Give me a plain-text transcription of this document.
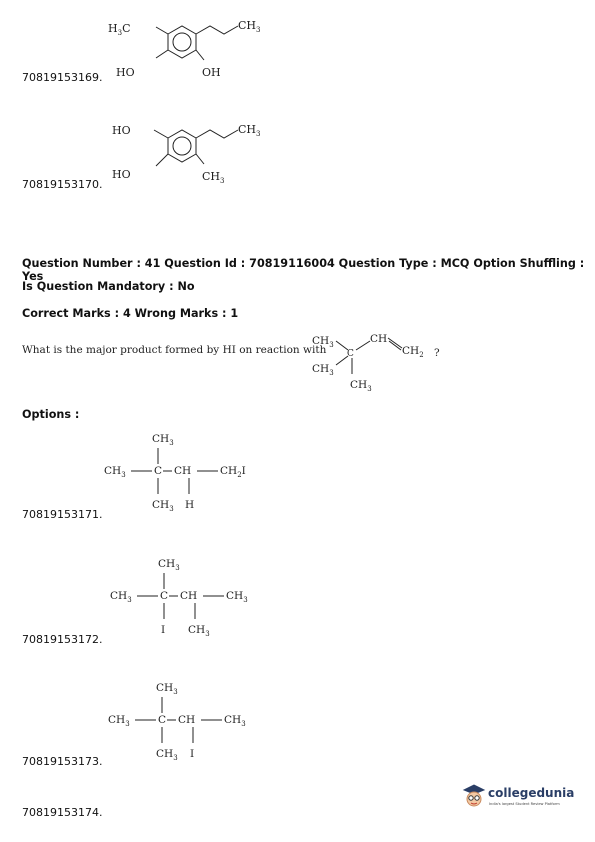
$H_3C$	$CH_3$
HO	OH
70819153169.
HO	$CH_3$
HO	$CH_3$
70819153170.
Question Number : 41 Question Id : 70819116004 Question Type : MCQ Option Shuffling : Yes
Is Question Mandatory : No
Correct Marks : 4 Wrong Marks : 1
What is the major product formed by HI on reaction with
$CH_3$
$CH_3$
C
$CH_3$
CH
$CH_2$ ?
Options :
$CH_3$
$CH_3$	C CH	$CH_2I$
$CH_3$ H
70819153171.
$CH_3$
$CH_3$	C CH	$CH_3$
I $CH_3$
70819153172.
$CH_3$
$CH_3$	C CH	$CH_3$
$CH_3$ I
70819153173.
70819153174.
collegedunia
India's largest Student Review Platform
